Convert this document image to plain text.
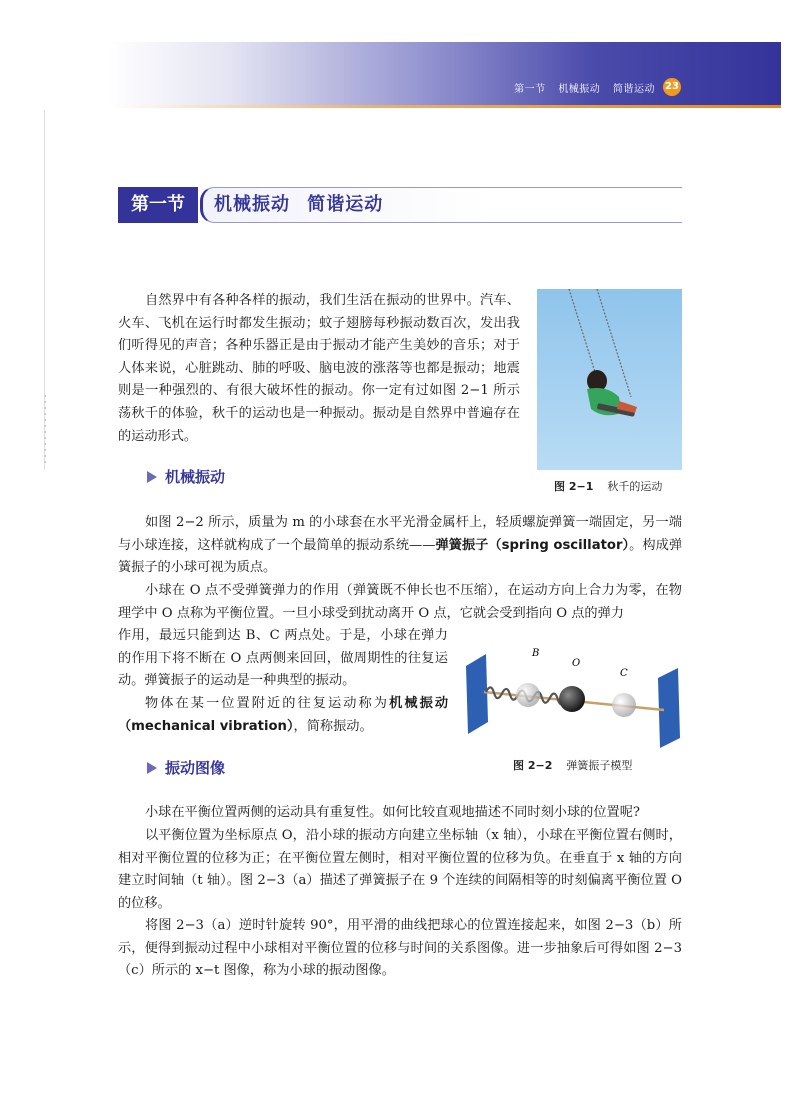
第一节 机械振动 简谐运动 23
第一节	机械振动 简谐运动

自然界中有各种各样的振动，我们生活在振动的世界中。汽车、火车、飞机在运行时都发生振动；蚊子翅膀每秒振动数百次，发出我们听得见的声音；各种乐器正是由于振动才能产生美妙的音乐；对于人体来说，心脏跳动、肺的呼吸、脑电波的涨落等也都是振动；地震则是一种强烈的、有很大破坏性的振动。你一定有过如图 2−1 所示荡秋千的体验，秋千的运动也是一种振动。振动是自然界中普遍存在的运动形式。

图 2−1 秋千的运动
机械振动

如图 2−2 所示，质量为 m 的小球套在水平光滑金属杆上，轻质螺旋弹簧一端固定，另一端与小球连接，这样就构成了一个最简单的振动系统——弹簧振子（spring oscillator）。构成弹簧振子的小球可视为质点。

小球在 O 点不受弹簧弹力的作用（弹簧既不伸长也不压缩），在运动方向上合力为零，在物理学中 O 点称为平衡位置。一旦小球受到扰动离开 O 点，它就会受到指向 O 点的弹力

作用，最远只能到达 B、C 两点处。于是，小球在弹力的作用下将不断在 O 点两侧来回回，做周期性的往复运动。弹簧振子的运动是一种典型的振动。

物体在某一位置附近的往复运动称为机械振动（mechanical vibration），简称振动。

B
O
C
图 2−2 弹簧振子模型
振动图像

小球在平衡位置两侧的运动具有重复性。如何比较直观地描述不同时刻小球的位置呢?

以平衡位置为坐标原点 O，沿小球的振动方向建立坐标轴（x 轴），小球在平衡位置右侧时，相对平衡位置的位移为正；在平衡位置左侧时，相对平衡位置的位移为负。在垂直于 x 轴的方向建立时间轴（t 轴）。图 2−3（a）描述了弹簧振子在 9 个连续的间隔相等的时刻偏离平衡位置 O 的位移。

将图 2−3（a）逆时针旋转 90°，用平滑的曲线把球心的位置连接起来，如图 2−3（b）所示，便得到振动过程中小球相对平衡位置的位移与时间的关系图像。进一步抽象后可得如图 2−3（c）所示的 x−t 图像，称为小球的振动图像。
